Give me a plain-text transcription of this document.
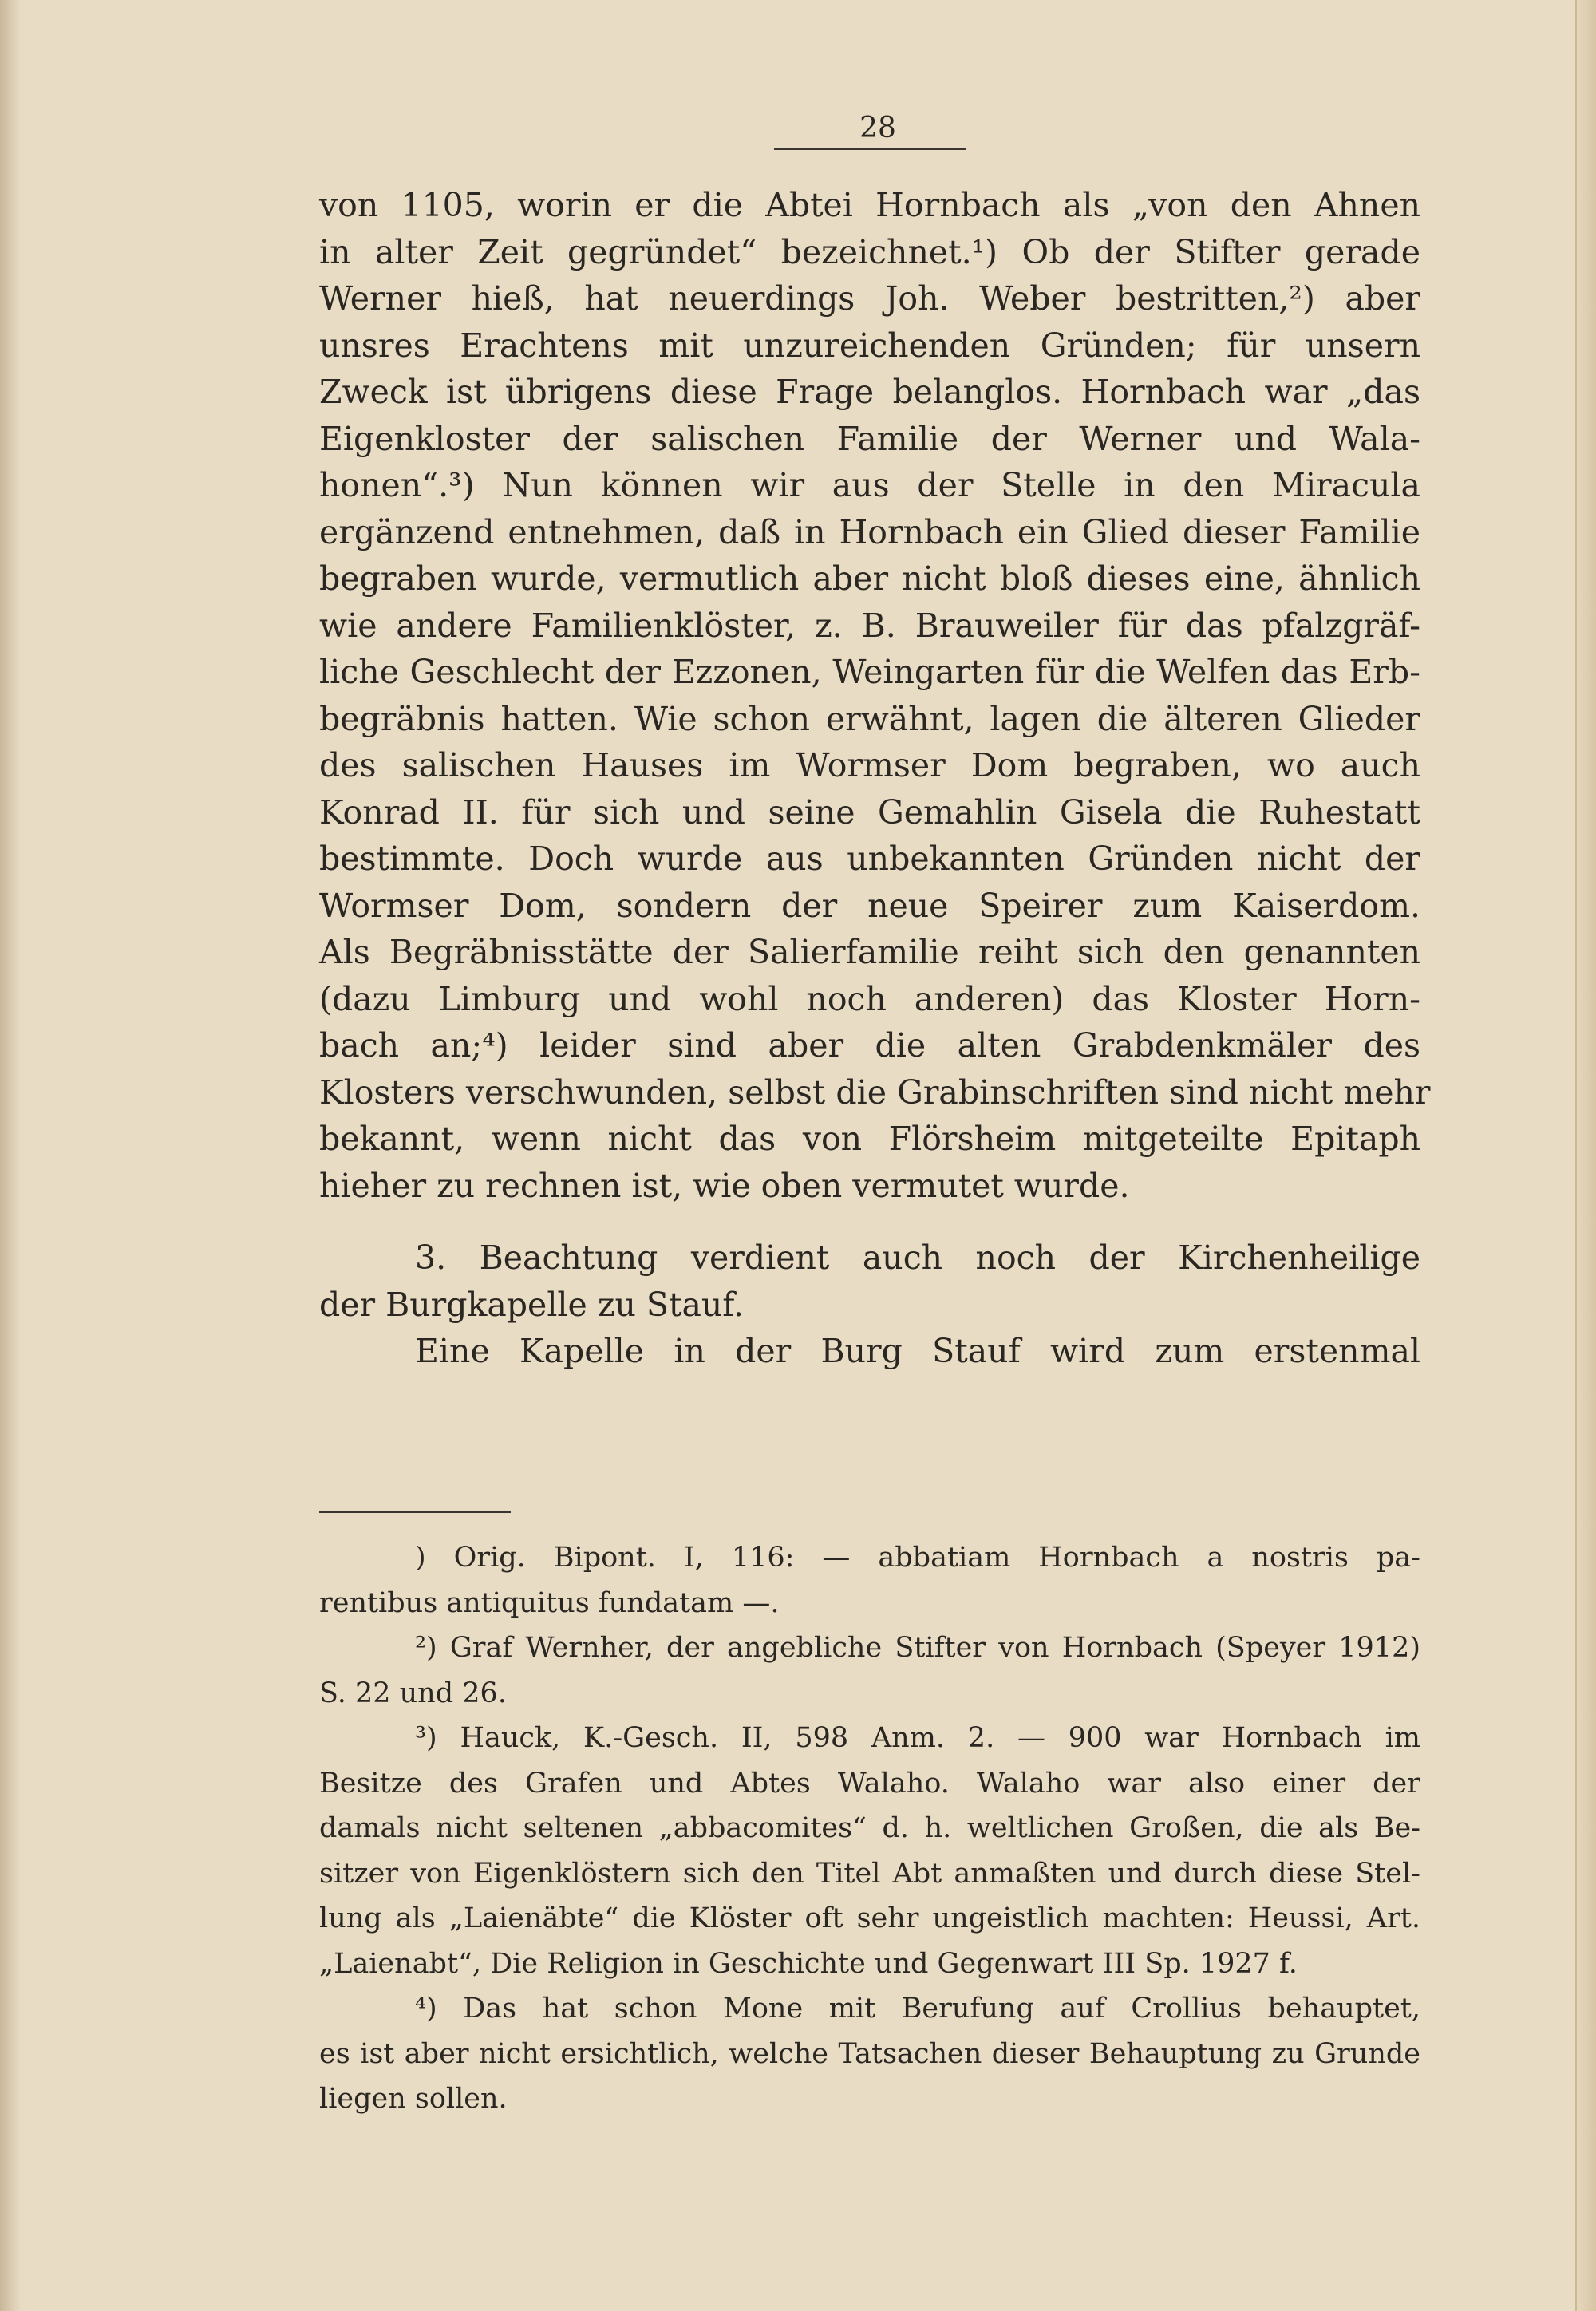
28
von 1105, worin er die Abtei Hornbach als „von den Ahnen
in alter Zeit gegründet“ bezeichnet.¹) Ob der Stifter gerade
Werner hieß, hat neuerdings Joh. Weber bestritten,²) aber
unsres Erachtens mit unzureichenden Gründen; für unsern
Zweck ist übrigens diese Frage belanglos. Hornbach war „das
Eigenkloster der salischen Familie der Werner und Wala-
honen“.³) Nun können wir aus der Stelle in den Miracula
ergänzend entnehmen, daß in Hornbach ein Glied dieser Familie
begraben wurde, vermutlich aber nicht bloß dieses eine, ähnlich
wie andere Familienklöster, z. B. Brauweiler für das pfalzgräf-
liche Geschlecht der Ezzonen, Weingarten für die Welfen das Erb-
begräbnis hatten. Wie schon erwähnt, lagen die älteren Glieder
des salischen Hauses im Wormser Dom begraben, wo auch
Konrad II. für sich und seine Gemahlin Gisela die Ruhestatt
bestimmte. Doch wurde aus unbekannten Gründen nicht der
Wormser Dom, sondern der neue Speirer zum Kaiserdom.
Als Begräbnisstätte der Salierfamilie reiht sich den genannten
(dazu Limburg und wohl noch anderen) das Kloster Horn-
bach an;⁴) leider sind aber die alten Grabdenkmäler des
Klosters verschwunden, selbst die Grabinschriften sind nicht mehr
bekannt, wenn nicht das von Flörsheim mitgeteilte Epitaph
hieher zu rechnen ist, wie oben vermutet wurde.
3. Beachtung verdient auch noch der Kirchenheilige
der Burgkapelle zu Stauf.
Eine Kapelle in der Burg Stauf wird zum erstenmal
) Orig. Bipont. I, 116: — abbatiam Hornbach a nostris pa-
rentibus antiquitus fundatam —.
²) Graf Wernher, der angebliche Stifter von Hornbach (Speyer 1912)
S. 22 und 26.
³) Hauck, K.-Gesch. II, 598 Anm. 2. — 900 war Hornbach im
Besitze des Grafen und Abtes Walaho. Walaho war also einer der
damals nicht seltenen „abbacomites“ d. h. weltlichen Großen, die als Be-
sitzer von Eigenklöstern sich den Titel Abt anmaßten und durch diese Stel-
lung als „Laienäbte“ die Klöster oft sehr ungeistlich machten: Heussi, Art.
„Laienabt“, Die Religion in Geschichte und Gegenwart III Sp. 1927 f.
⁴) Das hat schon Mone mit Berufung auf Crollius behauptet,
es ist aber nicht ersichtlich, welche Tatsachen dieser Behauptung zu Grunde
liegen sollen.
